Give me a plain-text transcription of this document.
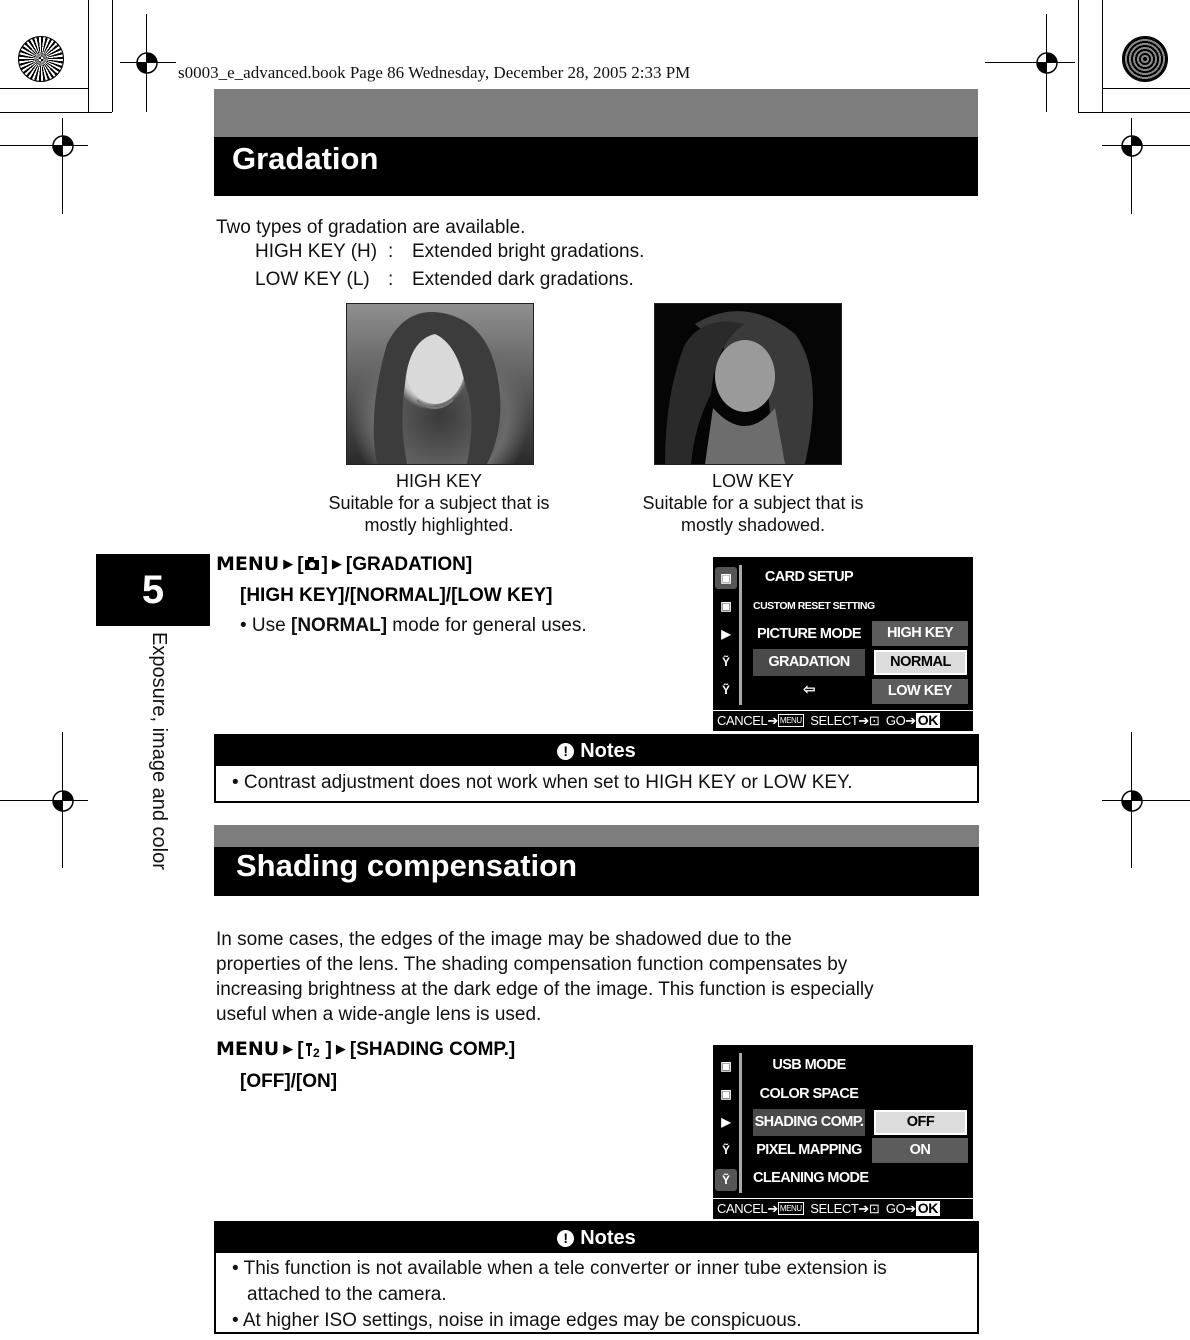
s0003_e_advanced.book Page 86 Wednesday, December 28, 2005 2:33 PM
Gradation
Two types of gradation are available.
HIGH KEY (H) : Extended bright gradations.
LOW KEY (L) : Extended dark gradations.
HIGH KEY
Suitable for a subject that is
mostly highlighted.
LOW KEY
Suitable for a subject that is
mostly shadowed.
5
Exposure, image and color
MENU ▶ [ ] ▶ [GRADATION]
[HIGH KEY]/[NORMAL]/[LOW KEY]
• Use [NORMAL] mode for general uses.
▣
▣
▶
Ỹ
Ỹ
CARD SETUP
CUSTOM RESET SETTING
PICTURE MODE
GRADATION
⇦
HIGH KEY
NORMAL
LOW KEY
CANCEL➔ MENU SELECT➔⊡ GO➔ OK
! Notes
• Contrast adjustment does not work when set to HIGH KEY or LOW KEY.
Shading compensation
In some cases, the edges of the image may be shadowed due to the
properties of the lens. The shading compensation function compensates by
increasing brightness at the dark edge of the image. This function is especially
useful when a wide-angle lens is used.
MENU ▶ [ 2 ] ▶ [SHADING COMP.]
[OFF]/[ON]
▣
▣
▶
Ỹ
Ỹ
USB MODE
COLOR SPACE
SHADING COMP.
PIXEL MAPPING
CLEANING MODE
OFF
ON
CANCEL➔ MENU SELECT➔⊡ GO➔ OK
! Notes
• This function is not available when a tele converter or inner tube extension is
attached to the camera.
• At higher ISO settings, noise in image edges may be conspicuous.
